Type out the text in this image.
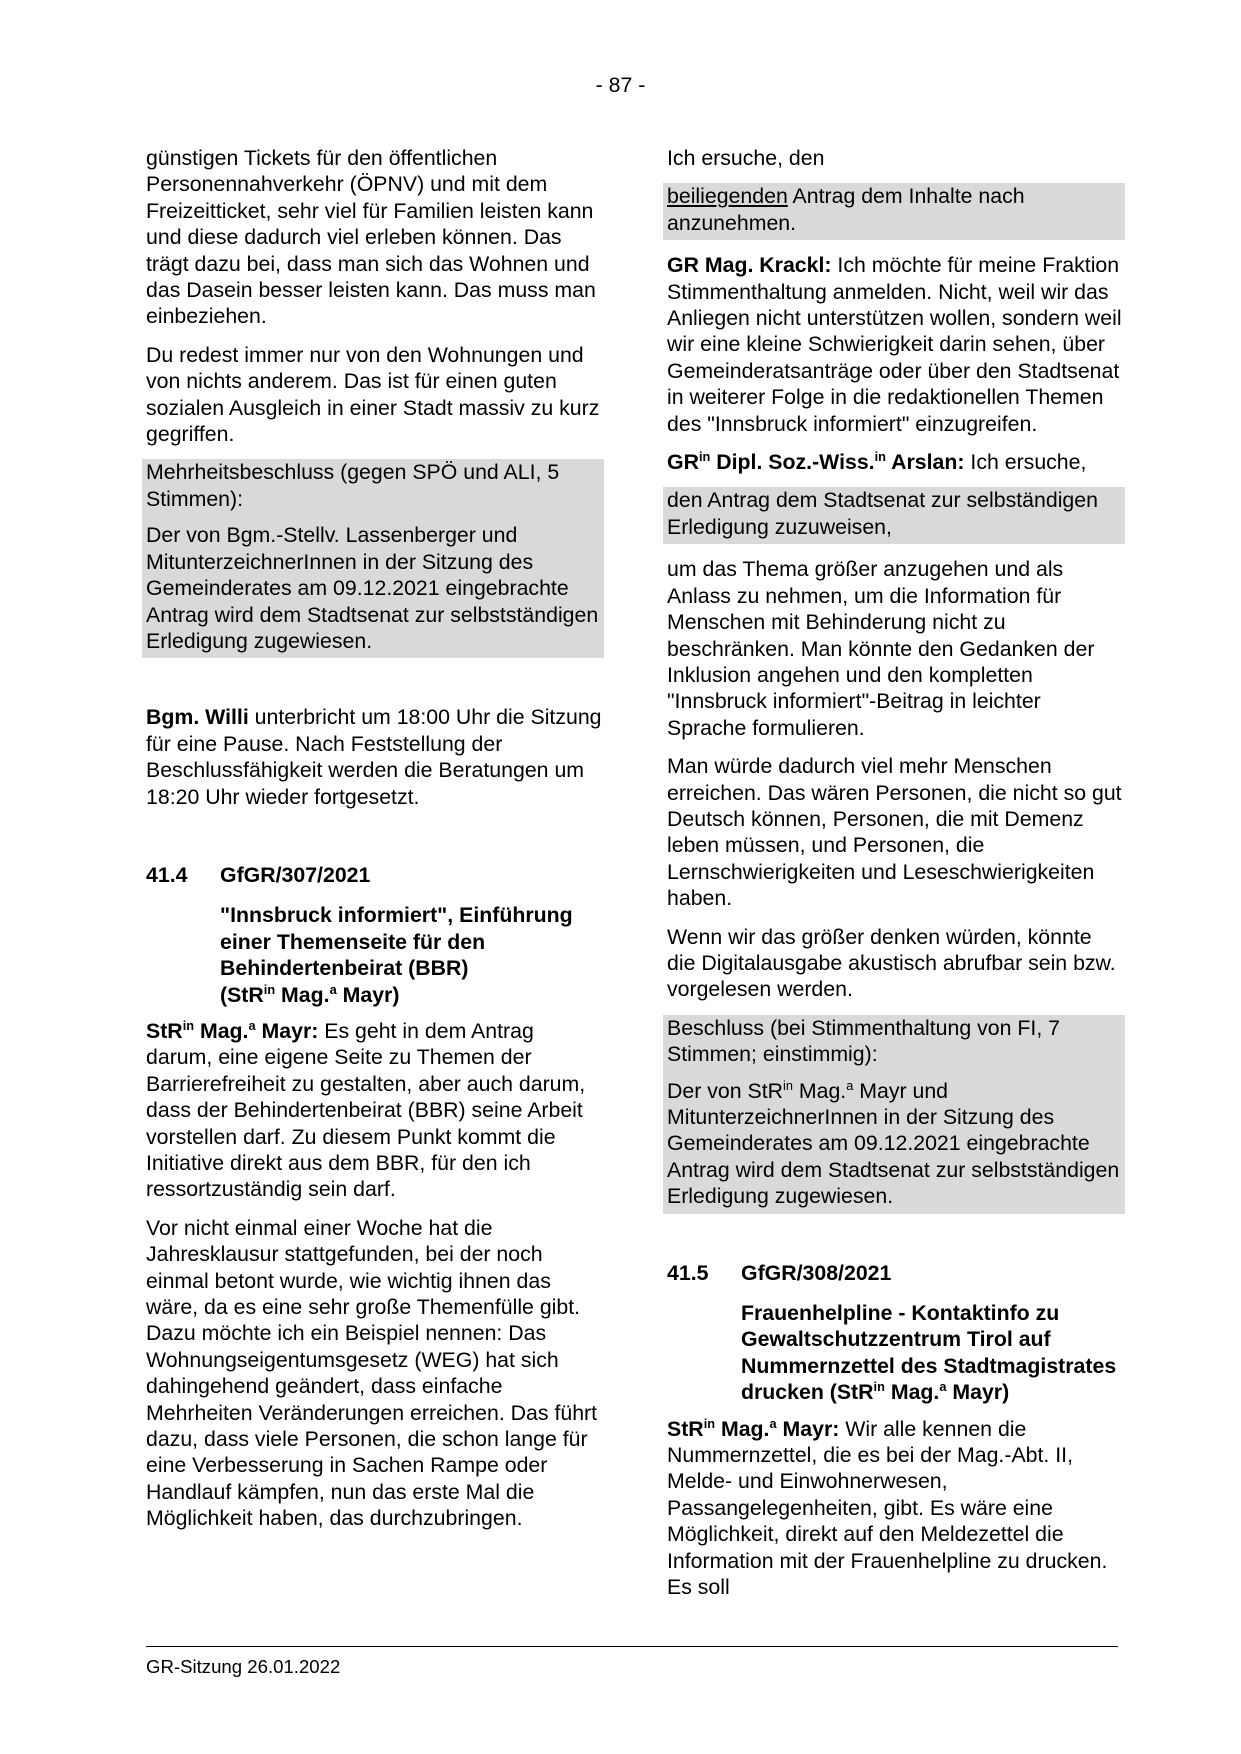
- 87 -

günstigen Tickets für den öffentlichen Personennahverkehr (ÖPNV) und mit dem Freizeitticket, sehr viel für Familien leisten kann und diese dadurch viel erleben können. Das trägt dazu bei, dass man sich das Wohnen und das Dasein besser leisten kann. Das muss man einbeziehen.

Du redest immer nur von den Wohnungen und von nichts anderem. Das ist für einen guten sozialen Ausgleich in einer Stadt massiv zu kurz gegriffen.

Mehrheitsbeschluss (gegen SPÖ und ALI, 5 Stimmen):

Der von Bgm.-Stellv. Lassenberger und MitunterzeichnerInnen in der Sitzung des Gemeinderates am 09.12.2021 eingebrachte Antrag wird dem Stadtsenat zur selbstständigen Erledigung zugewiesen.

Bgm. Willi unterbricht um 18:00 Uhr die Sitzung für eine Pause. Nach Feststellung der Beschlussfähigkeit werden die Beratungen um 18:20 Uhr wieder fortgesetzt.

41.4	GfGR/307/2021
"Innsbruck informiert", Einführung einer Themenseite für den Behindertenbeirat (BBR)
(StR$^{in}$ Mag.$^a$ Mayr)

StR$^{in}$ Mag.$^a$ Mayr: Es geht in dem Antrag darum, eine eigene Seite zu Themen der Barrierefreiheit zu gestalten, aber auch darum, dass der Behindertenbeirat (BBR) seine Arbeit vorstellen darf. Zu diesem Punkt kommt die Initiative direkt aus dem BBR, für den ich ressortzuständig sein darf.

Vor nicht einmal einer Woche hat die Jahresklausur stattgefunden, bei der noch einmal betont wurde, wie wichtig ihnen das wäre, da es eine sehr große Themenfülle gibt. Dazu möchte ich ein Beispiel nennen: Das Wohnungseigentumsgesetz (WEG) hat sich dahingehend geändert, dass einfache Mehrheiten Veränderungen erreichen. Das führt dazu, dass viele Personen, die schon lange für eine Verbesserung in Sachen Rampe oder Handlauf kämpfen, nun das erste Mal die Möglichkeit haben, das durchzubringen.

Ich ersuche, den

beiliegenden Antrag dem Inhalte nach anzunehmen.

GR Mag. Krackl: Ich möchte für meine Fraktion Stimmenthaltung anmelden. Nicht, weil wir das Anliegen nicht unterstützen wollen, sondern weil wir eine kleine Schwierigkeit darin sehen, über Gemeinderatsanträge oder über den Stadtsenat in weiterer Folge in die redaktionellen Themen des "Innsbruck informiert" einzugreifen.

$GR^{in}$ Dipl. Soz.-Wiss.$^{in}$ Arslan: Ich ersuche,

den Antrag dem Stadtsenat zur selbständigen Erledigung zuzuweisen,

um das Thema größer anzugehen und als Anlass zu nehmen, um die Information für Menschen mit Behinderung nicht zu beschränken. Man könnte den Gedanken der Inklusion angehen und den kompletten "Innsbruck informiert"-Beitrag in leichter Sprache formulieren.

Man würde dadurch viel mehr Menschen erreichen. Das wären Personen, die nicht so gut Deutsch können, Personen, die mit Demenz leben müssen, und Personen, die Lernschwierigkeiten und Leseschwierigkeiten haben.

Wenn wir das größer denken würden, könnte die Digitalausgabe akustisch abrufbar sein bzw. vorgelesen werden.

Beschluss (bei Stimmenthaltung von FI, 7 Stimmen; einstimmig):

Der von StR$^{in}$ Mag.$^a$ Mayr und MitunterzeichnerInnen in der Sitzung des Gemeinderates am 09.12.2021 eingebrachte Antrag wird dem Stadtsenat zur selbstständigen Erledigung zugewiesen.

41.5	GfGR/308/2021
Frauenhelpline - Kontaktinfo zu Gewaltschutzzentrum Tirol auf Nummernzettel des Stadtmagistrates drucken (StR$^{in}$ Mag.$^a$ Mayr)

StR$^{in}$ Mag.$^a$ Mayr: Wir alle kennen die Nummernzettel, die es bei der Mag.-Abt. II, Melde- und Einwohnerwesen, Passangelegenheiten, gibt. Es wäre eine Möglichkeit, direkt auf den Meldezettel die Information mit der Frauenhelpline zu drucken. Es soll

GR-Sitzung 26.01.2022
